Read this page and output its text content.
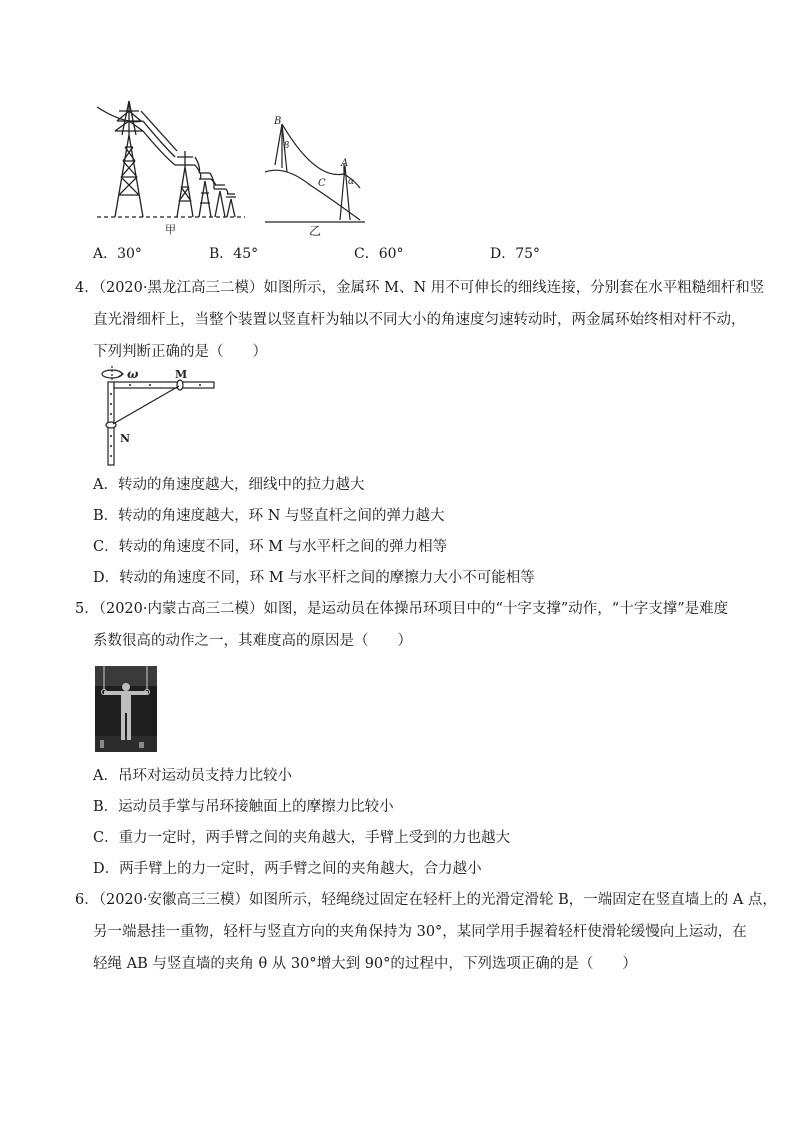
甲
B
β
A
C α
乙
A．30°	B．45°	C．60°	D．75°
4．（2020·黑龙江高三二模）如图所示，金属环 M、N 用不可伸长的细线连接，分别套在水平粗糙细杆和竖
直光滑细杆上，当整个装置以竖直杆为轴以不同大小的角速度匀速转动时，两金属环始终相对杆不动，
下列判断正确的是（　　）
ω	M
N
A．转动的角速度越大，细线中的拉力越大
B．转动的角速度越大，环 N 与竖直杆之间的弹力越大
C．转动的角速度不同，环 M 与水平杆之间的弹力相等
D．转动的角速度不同，环 M 与水平杆之间的摩擦力大小不可能相等
5．（2020·内蒙古高三二模）如图，是运动员在体操吊环项目中的“十字支撑”动作，“十字支撑”是难度
系数很高的动作之一，其难度高的原因是（　　）
A．吊环对运动员支持力比较小
B．运动员手掌与吊环接触面上的摩擦力比较小
C．重力一定时，两手臂之间的夹角越大，手臂上受到的力也越大
D．两手臂上的力一定时，两手臂之间的夹角越大，合力越小
6．（2020·安徽高三三模）如图所示，轻绳绕过固定在轻杆上的光滑定滑轮 B，一端固定在竖直墙上的 A 点，
另一端悬挂一重物，轻杆与竖直方向的夹角保持为 30°，某同学用手握着轻杆使滑轮缓慢向上运动，在
轻绳 AB 与竖直墙的夹角 θ 从 30°增大到 90°的过程中，下列选项正确的是（　　）
